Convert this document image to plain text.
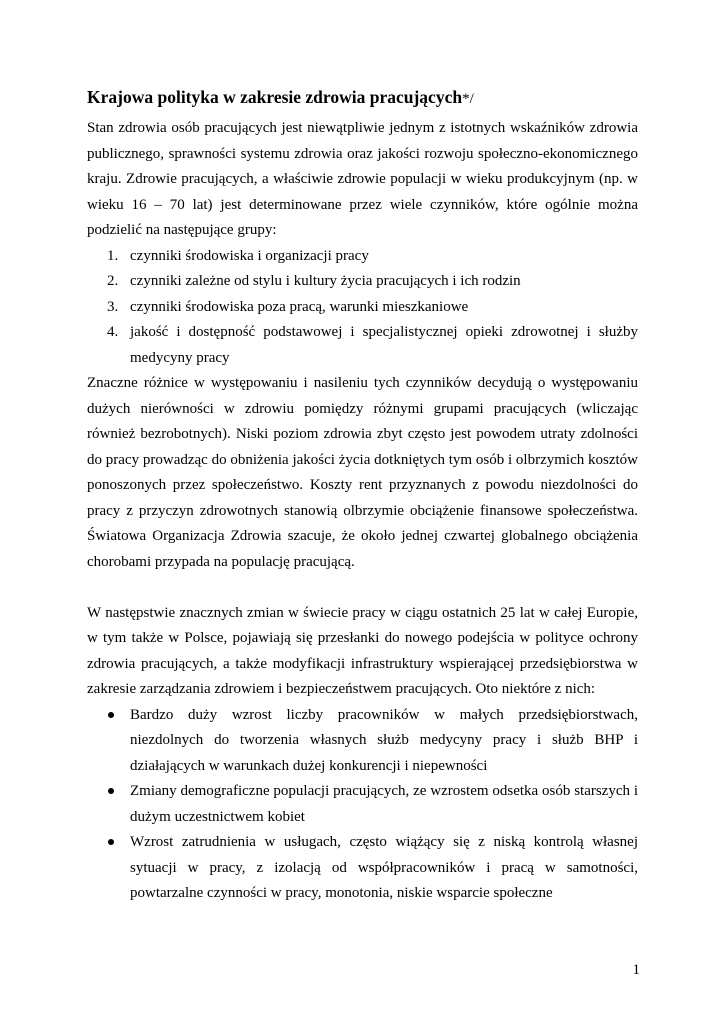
Krajowa polityka w zakresie zdrowia pracujących*/

Stan zdrowia osób pracujących jest niewątpliwie jednym z istotnych wskaźników zdrowia publicznego, sprawności systemu zdrowia oraz jakości rozwoju społeczno-ekonomicznego kraju. Zdrowie pracujących, a właściwie zdrowie populacji w wieku produkcyjnym (np. w wieku 16 – 70 lat) jest determinowane przez wiele czynników, które ogólnie można podzielić na następujące grupy:

1. czynniki środowiska i organizacji pracy
2. czynniki zależne od stylu i kultury życia pracujących i ich rodzin
3. czynniki środowiska poza pracą, warunki mieszkaniowe
4. jakość i dostępność podstawowej i specjalistycznej opieki zdrowotnej i służby medycyny pracy

Znaczne różnice w występowaniu i nasileniu tych czynników decydują o występowaniu dużych nierówności w zdrowiu pomiędzy różnymi grupami pracujących (wliczając również bezrobotnych). Niski poziom zdrowia zbyt często jest powodem utraty zdolności do pracy prowadząc do obniżenia jakości życia dotkniętych tym osób i olbrzymich kosztów ponoszonych przez społeczeństwo. Koszty rent przyznanych z powodu niezdolności do pracy z przyczyn zdrowotnych stanowią olbrzymie obciążenie finansowe społeczeństwa. Światowa Organizacja Zdrowia szacuje, że około jednej czwartej globalnego obciążenia chorobami przypada na populację pracującą.

W następstwie znacznych zmian w świecie pracy w ciągu ostatnich 25 lat w całej Europie, w tym także w Polsce, pojawiają się przesłanki do nowego podejścia w polityce ochrony zdrowia pracujących, a także modyfikacji infrastruktury wspierającej przedsiębiorstwa w zakresie zarządzania zdrowiem i bezpieczeństwem pracujących. Oto niektóre z nich:

Bardzo duży wzrost liczby pracowników w małych przedsiębiorstwach, niezdolnych do tworzenia własnych służb medycyny pracy i służb BHP i działających w warunkach dużej konkurencji i niepewności
Zmiany demograficzne populacji pracujących, ze wzrostem odsetka osób starszych i dużym uczestnictwem kobiet
Wzrost zatrudnienia w usługach, często wiążący się z niską kontrolą własnej sytuacji w pracy, z izolacją od współpracowników i pracą w samotności, powtarzalne czynności w pracy, monotonia, niskie wsparcie społeczne
1
